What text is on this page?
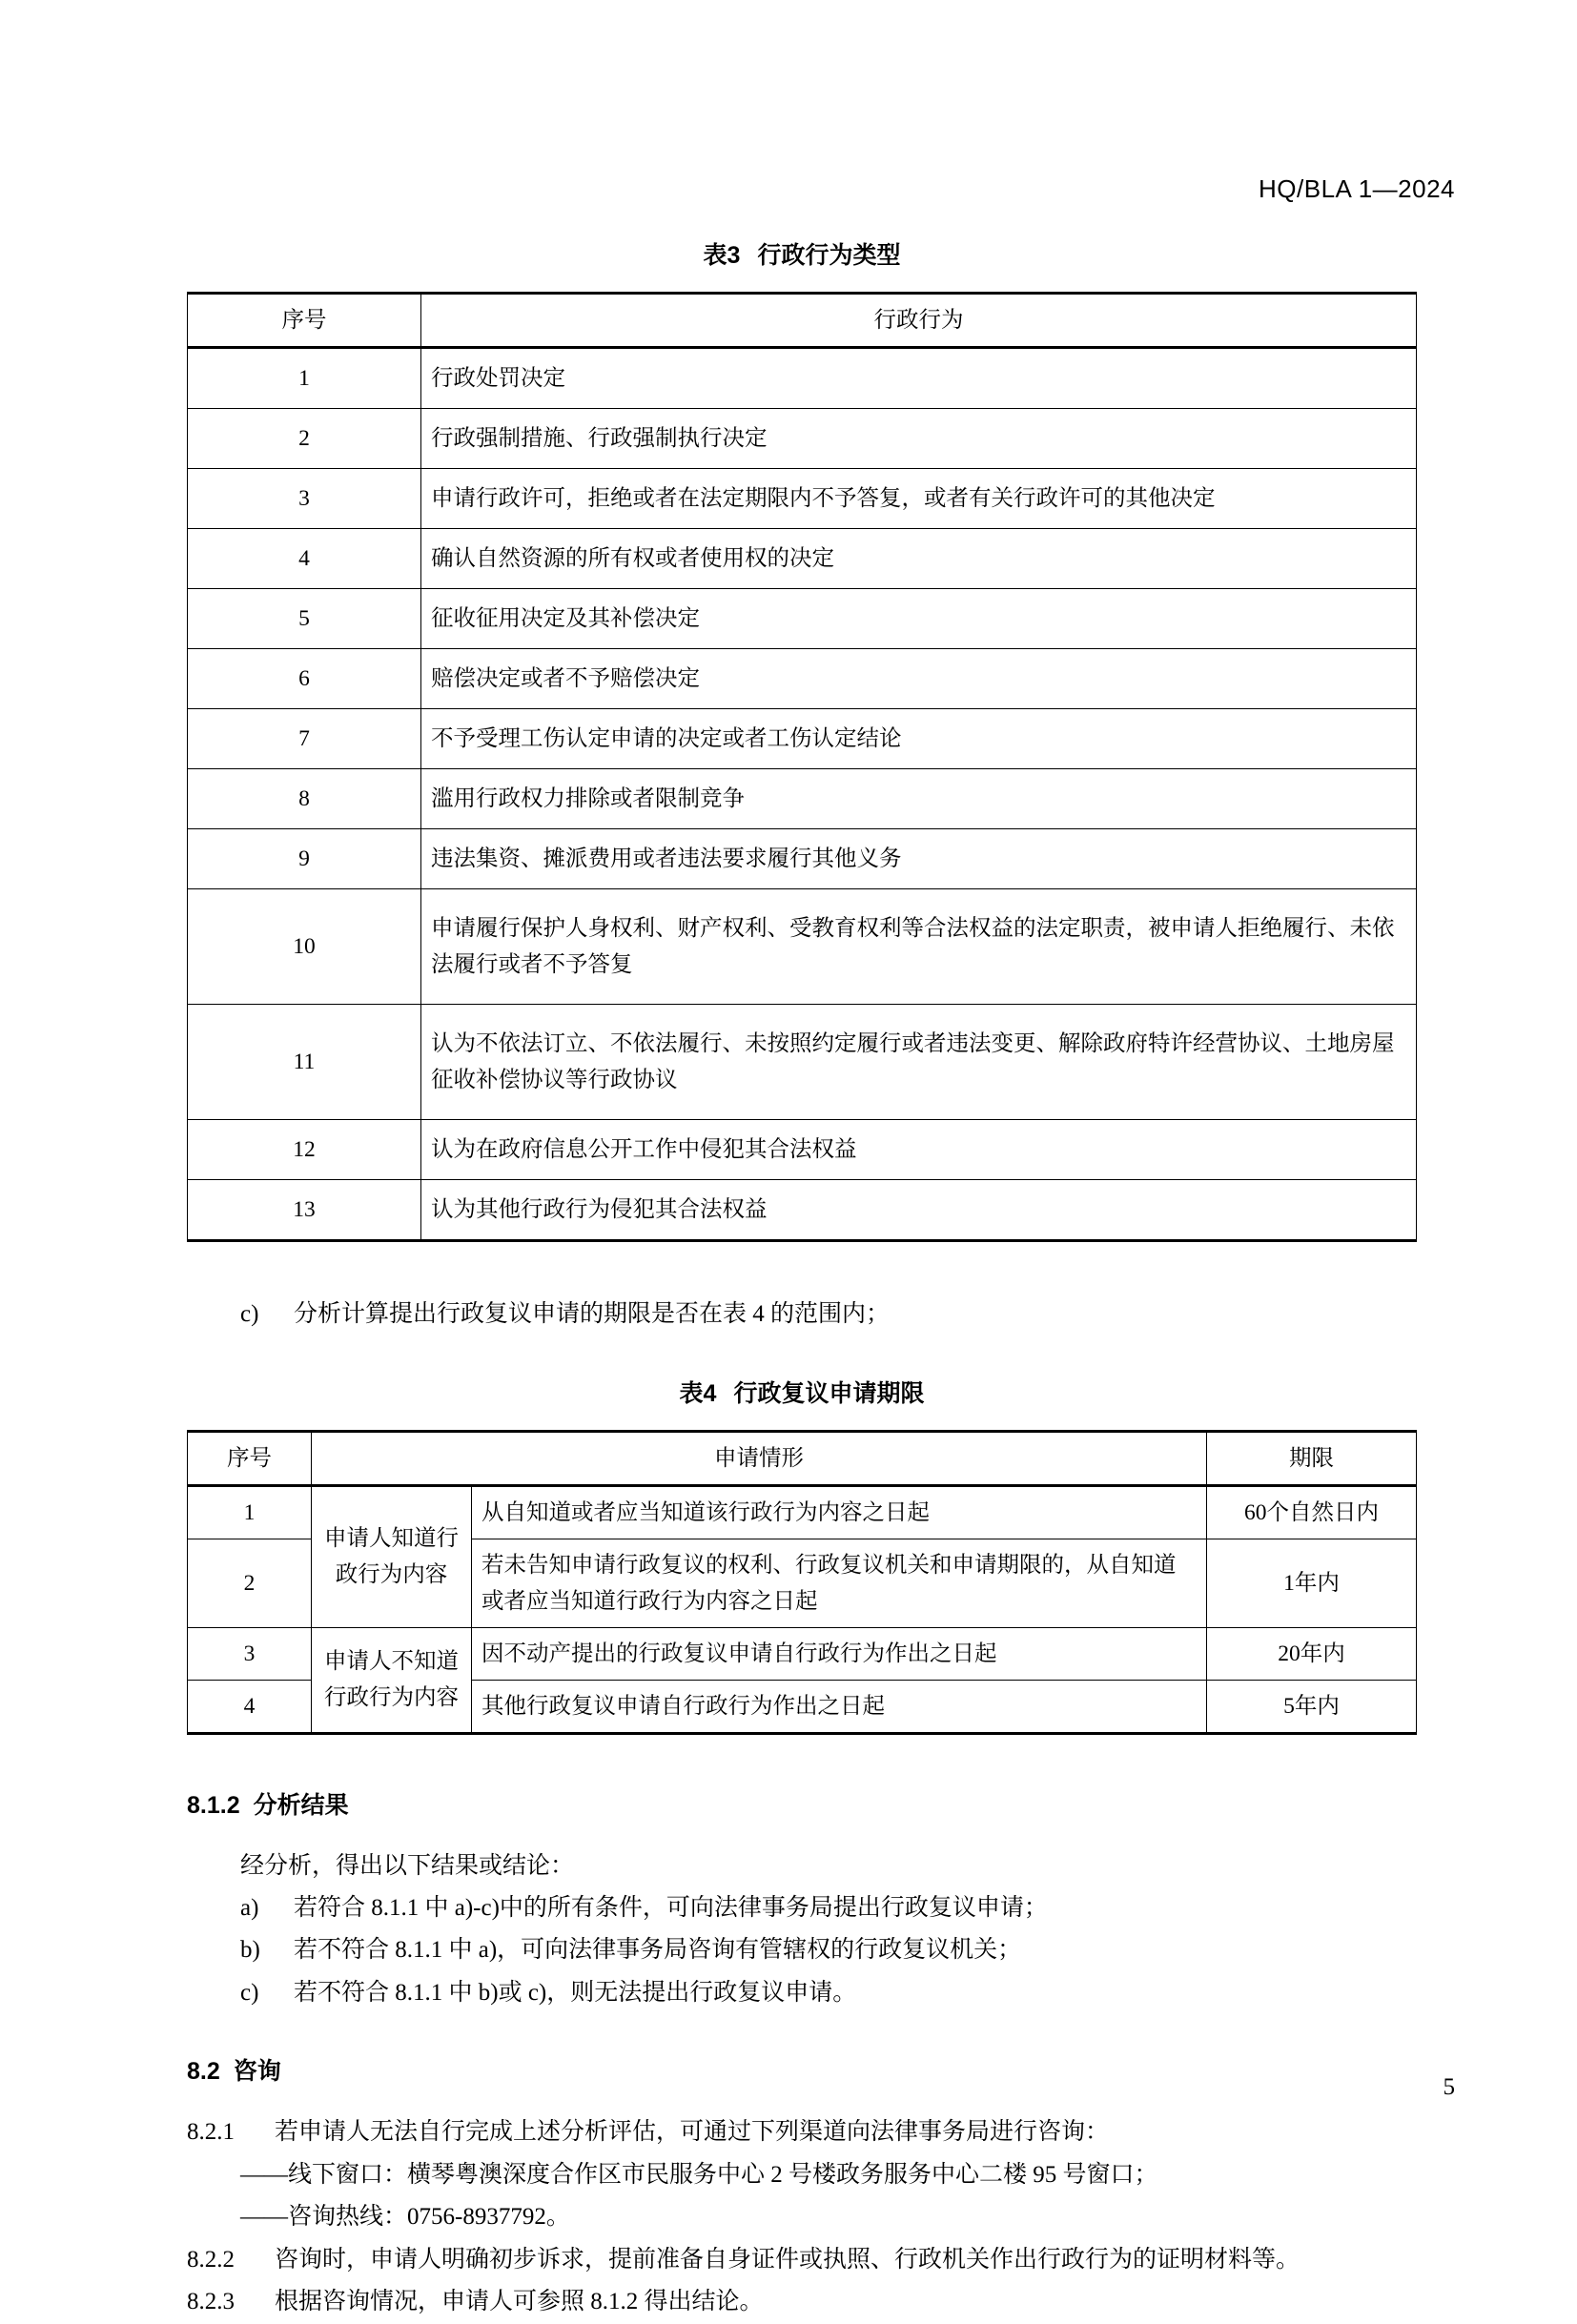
HQ/BLA 1—2024
表3 行政行为类型
序号	行政行为
1	行政处罚决定
2	行政强制措施、行政强制执行决定
3	申请行政许可，拒绝或者在法定期限内不予答复，或者有关行政许可的其他决定
4	确认自然资源的所有权或者使用权的决定
5	征收征用决定及其补偿决定
6	赔偿决定或者不予赔偿决定
7	不予受理工伤认定申请的决定或者工伤认定结论
8	滥用行政权力排除或者限制竞争
9	违法集资、摊派费用或者违法要求履行其他义务
10	申请履行保护人身权利、财产权利、受教育权利等合法权益的法定职责，被申请人拒绝履行、未依法履行或者不予答复
11	认为不依法订立、不依法履行、未按照约定履行或者违法变更、解除政府特许经营协议、土地房屋征收补偿协议等行政协议
12	认为在政府信息公开工作中侵犯其合法权益
13	认为其他行政行为侵犯其合法权益
c)	分析计算提出行政复议申请的期限是否在表 4 的范围内；
表4 行政复议申请期限
序号	申请情形		期限
1	申请人知道行政行为内容	从自知道或者应当知道该行政行为内容之日起	60个自然日内
2		若未告知申请行政复议的权利、行政复议机关和申请期限的，从自知道或者应当知道行政行为内容之日起	1年内
3	申请人不知道行政行为内容	因不动产提出的行政复议申请自行政行为作出之日起	20年内
4		其他行政复议申请自行政行为作出之日起	5年内
8.1.2 分析结果
经分析，得出以下结果或结论：
a)	若符合 8.1.1 中 a)-c)中的所有条件，可向法律事务局提出行政复议申请；
b)	若不符合 8.1.1 中 a)，可向法律事务局咨询有管辖权的行政复议机关；
c)	若不符合 8.1.1 中 b)或 c)，则无法提出行政复议申请。
8.2 咨询
8.2.1	若申请人无法自行完成上述分析评估，可通过下列渠道向法律事务局进行咨询：
——线下窗口：横琴粤澳深度合作区市民服务中心 2 号楼政务服务中心二楼 95 号窗口；
——咨询热线：0756-8937792。
8.2.2	咨询时，申请人明确初步诉求，提前准备自身证件或执照、行政机关作出行政行为的证明材料等。
8.2.3	根据咨询情况，申请人可参照 8.1.2 得出结论。
5
